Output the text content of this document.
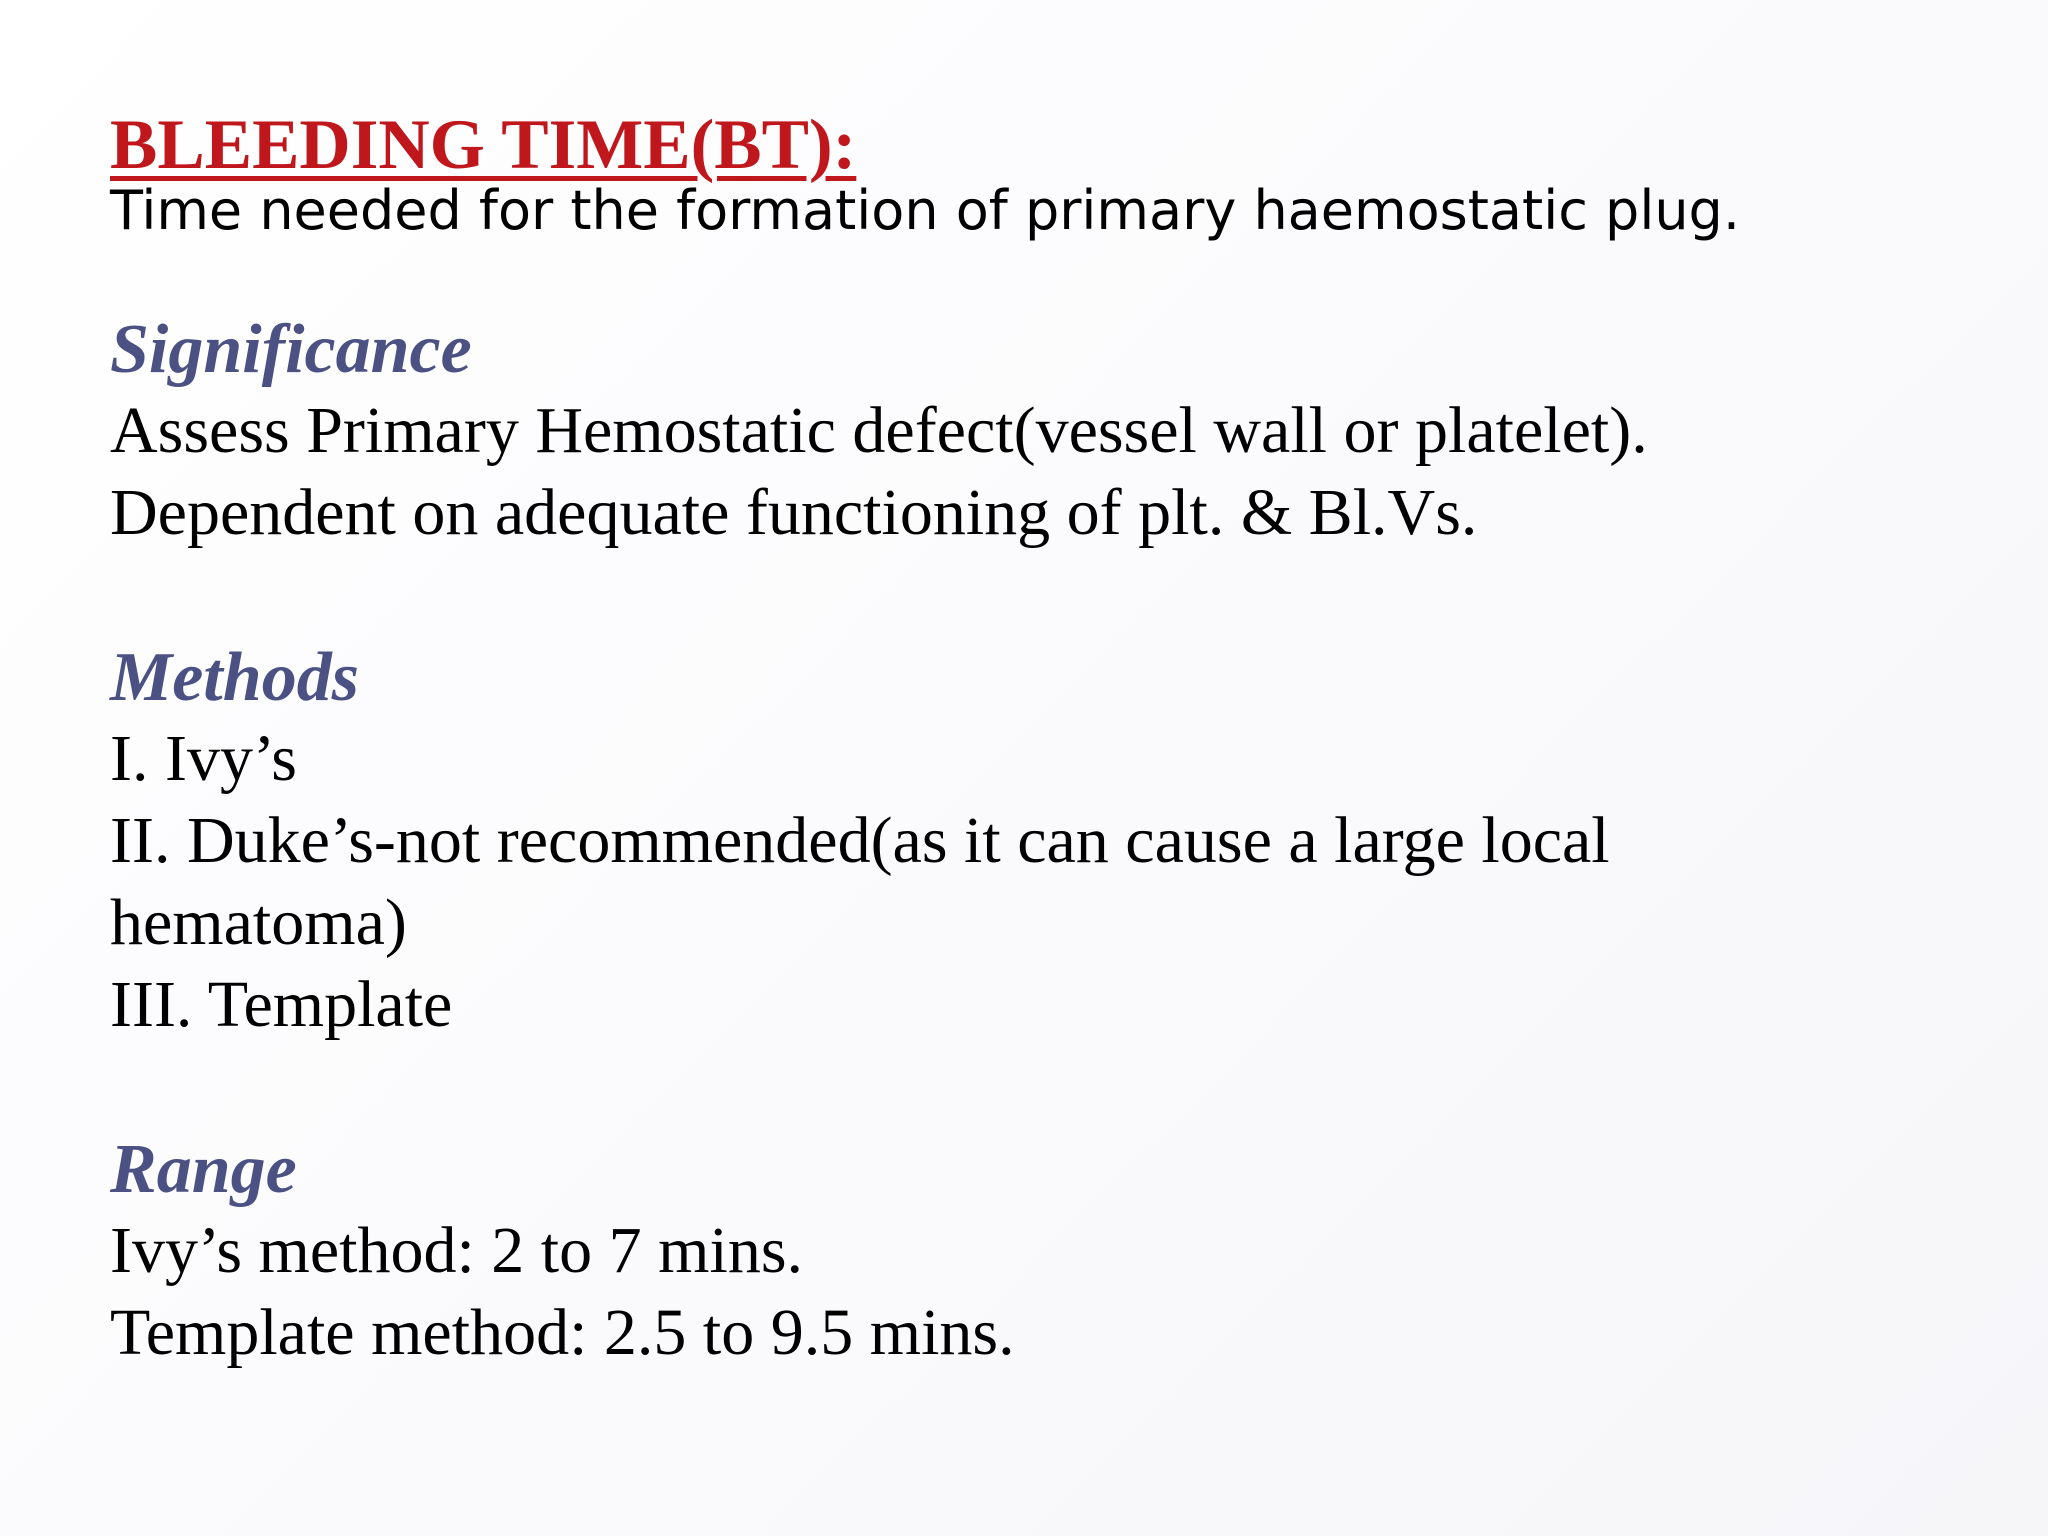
BLEEDING TIME(BT):
Time needed for the formation of primary haemostatic plug.
Significance
Assess Primary Hemostatic defect(vessel wall or platelet).
Dependent on adequate functioning of plt. & Bl.Vs.
Methods
I. Ivy’s
II. Duke’s-not recommended(as it can cause a large local
hematoma)
III. Template
Range
Ivy’s method: 2 to 7 mins.
Template method: 2.5 to 9.5 mins.
